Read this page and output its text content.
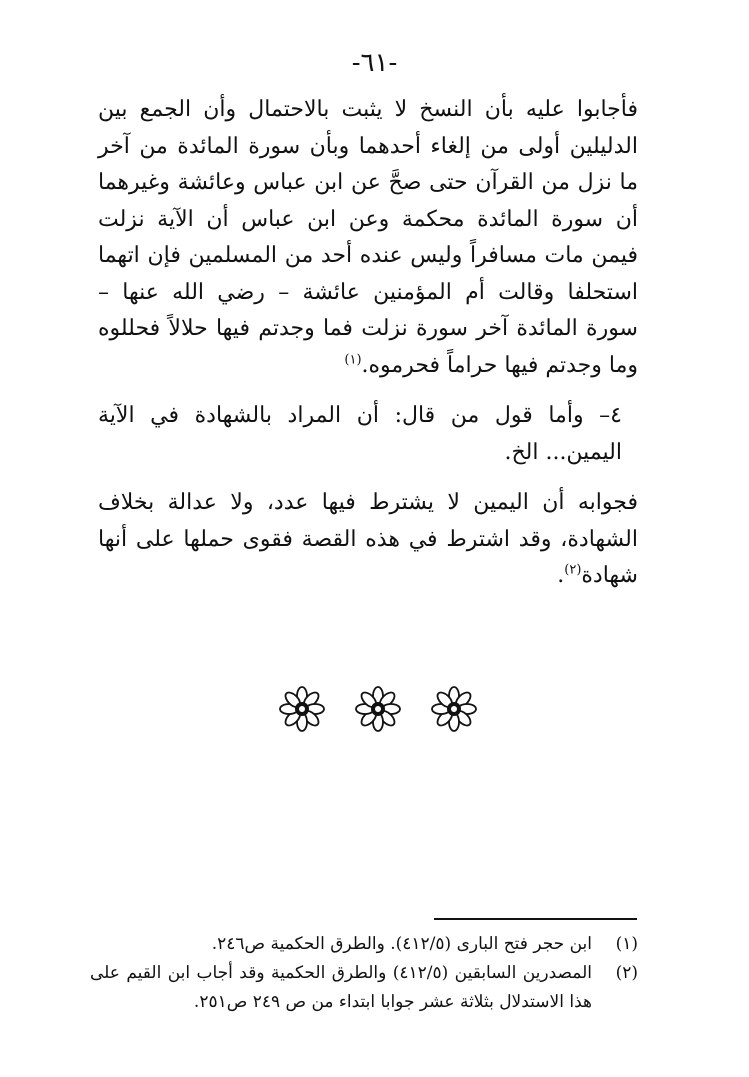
-٦١-

فأجابوا عليه بأن النسخ لا يثبت بالاحتمال وأن الجمع بين الدليلين أولى من إلغاء أحدهما وبأن سورة المائدة من آخر ما نزل من القرآن حتى صحَّ عن ابن عباس وعائشة وغيرهما أن سورة المائدة محكمة وعن ابن عباس أن الآية نزلت فيمن مات مسافراً وليس عنده أحد من المسلمين فإن اتهما استحلفا وقالت أم المؤمنين عائشة – رضي الله عنها – سورة المائدة آخر سورة نزلت فما وجدتم فيها حلالاً فحللوه وما وجدتم فيها حراماً فحرموه.$^{(١)}$

٤– وأما قول من قال: أن المراد بالشهادة في الآية اليمين... الخ.

فجوابه أن اليمين لا يشترط فيها عدد، ولا عدالة بخلاف الشهادة، وقد اشترط في هذه القصة فقوى حملها على أنها شهادة$^{(٢)}$.

(١)
ابن حجر فتح البارى (٤١٢/٥). والطرق الحكمية ص٢٤٦.
(٢)
المصدرين السابقين (٤١٢/٥) والطرق الحكمية وقد أجاب ابن القيم على هذا الاستدلال بثلاثة عشر جوابا ابتداء من ص ٢٤٩ ص٢٥١.
